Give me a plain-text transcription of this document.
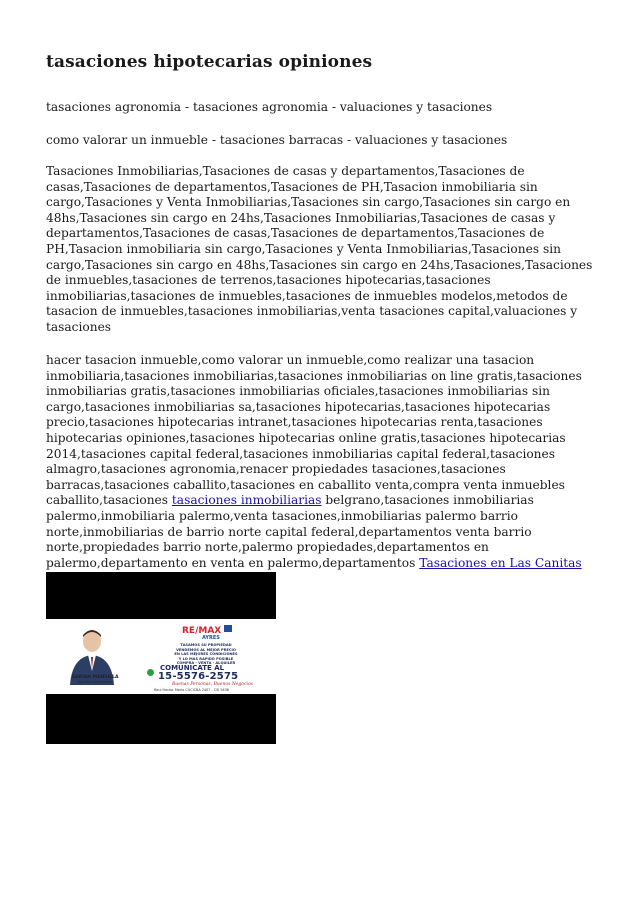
tasaciones hipotecarias opiniones

tasaciones agronomia - tasaciones agronomia - valuaciones y tasaciones

como valorar un inmueble - tasaciones barracas - valuaciones y tasaciones

Tasaciones Inmobiliarias,Tasaciones de casas y departamentos,Tasaciones de casas,Tasaciones de departamentos,Tasaciones de PH,Tasacion inmobiliaria sin cargo,Tasaciones y Venta Inmobiliarias,Tasaciones sin cargo,Tasaciones sin cargo en 48hs,Tasaciones sin cargo en 24hs,Tasaciones Inmobiliarias,Tasaciones de casas y departamentos,Tasaciones de casas,Tasaciones de departamentos,Tasaciones de PH,Tasacion inmobiliaria sin cargo,Tasaciones y Venta Inmobiliarias,Tasaciones sin cargo,Tasaciones sin cargo en 48hs,Tasaciones sin cargo en 24hs,Tasaciones,Tasaciones de inmuebles,tasaciones de terrenos,tasaciones hipotecarias,tasaciones inmobiliarias,tasaciones de inmuebles,tasaciones de inmuebles modelos,metodos de tasacion de inmuebles,tasaciones inmobiliarias,venta tasaciones capital,valuaciones y tasaciones

hacer tasacion inmueble,como valorar un inmueble,como realizar una tasacion inmobiliaria,tasaciones inmobiliarias,tasaciones inmobiliarias on line gratis,tasaciones inmobiliarias gratis,tasaciones inmobiliarias oficiales,tasaciones inmobiliarias sin cargo,tasaciones inmobiliarias sa,tasaciones hipotecarias,tasaciones hipotecarias precio,tasaciones hipotecarias intranet,tasaciones hipotecarias renta,tasaciones hipotecarias opiniones,tasaciones hipotecarias online gratis,tasaciones hipotecarias 2014,tasaciones capital federal,tasaciones inmobiliarias capital federal,tasaciones almagro,tasaciones agronomia,renacer propiedades tasaciones,tasaciones barracas,tasaciones caballito,tasaciones en caballito venta,compra venta inmuebles caballito,tasaciones tasaciones inmobiliarias belgrano,tasaciones inmobiliarias palermo,inmobiliaria palermo,venta tasaciones,inmobiliarias palermo barrio norte,inmobiliarias de barrio norte capital federal,departamentos venta barrio norte,propiedades barrio norte,palermo propiedades,departamentos en palermo,departamento en venta en palermo,departamentos Tasaciones en Las Canitas

ADRIAN MANSILLA
Agente Inmobiliario
RE/MAX
AYRES
TASAMOS SU PROPIEDAD
VENDEMOS AL MEJOR PRECIO
EN LAS MEJORES CONDICIONES
Y LO MAS RAPIDO POSIBLE
COMPRA - VENTA - ALQUILER
COMUNICATE AL
15-5576-2575
Buenas Personas, Buenos Negocios
Raul Hector Merlo CUCICBA 2407 - CSI 5438
